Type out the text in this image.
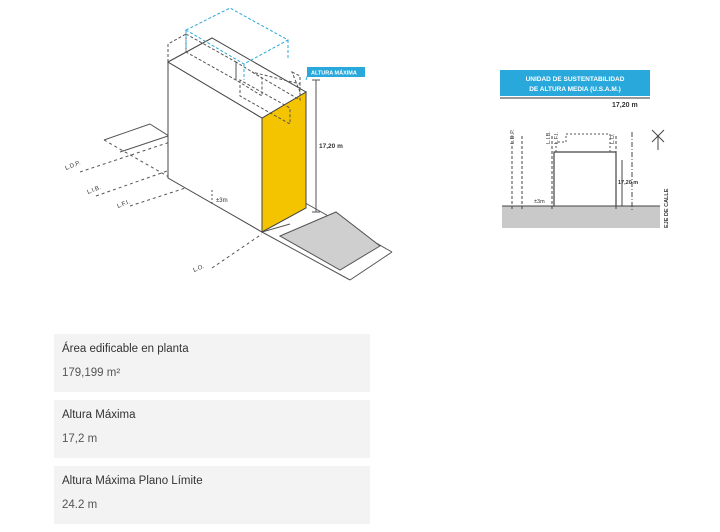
±3m
17,20 m
ALTURA MÁXIMA
L.D.P.
L.I.B.
L.F.I.
L.O.
UNIDAD DE SUSTENTABILIDAD
DE ALTURA MEDIA (U.S.A.M.)
17,20 m
±3m
17,20 m
L.D.P.	L.I.B. L.F.I.	L.O.
EJE DE CALLE
Área edificable en planta
179,199 m²
Altura Máxima
17,2 m
Altura Máxima Plano Límite
24.2 m
